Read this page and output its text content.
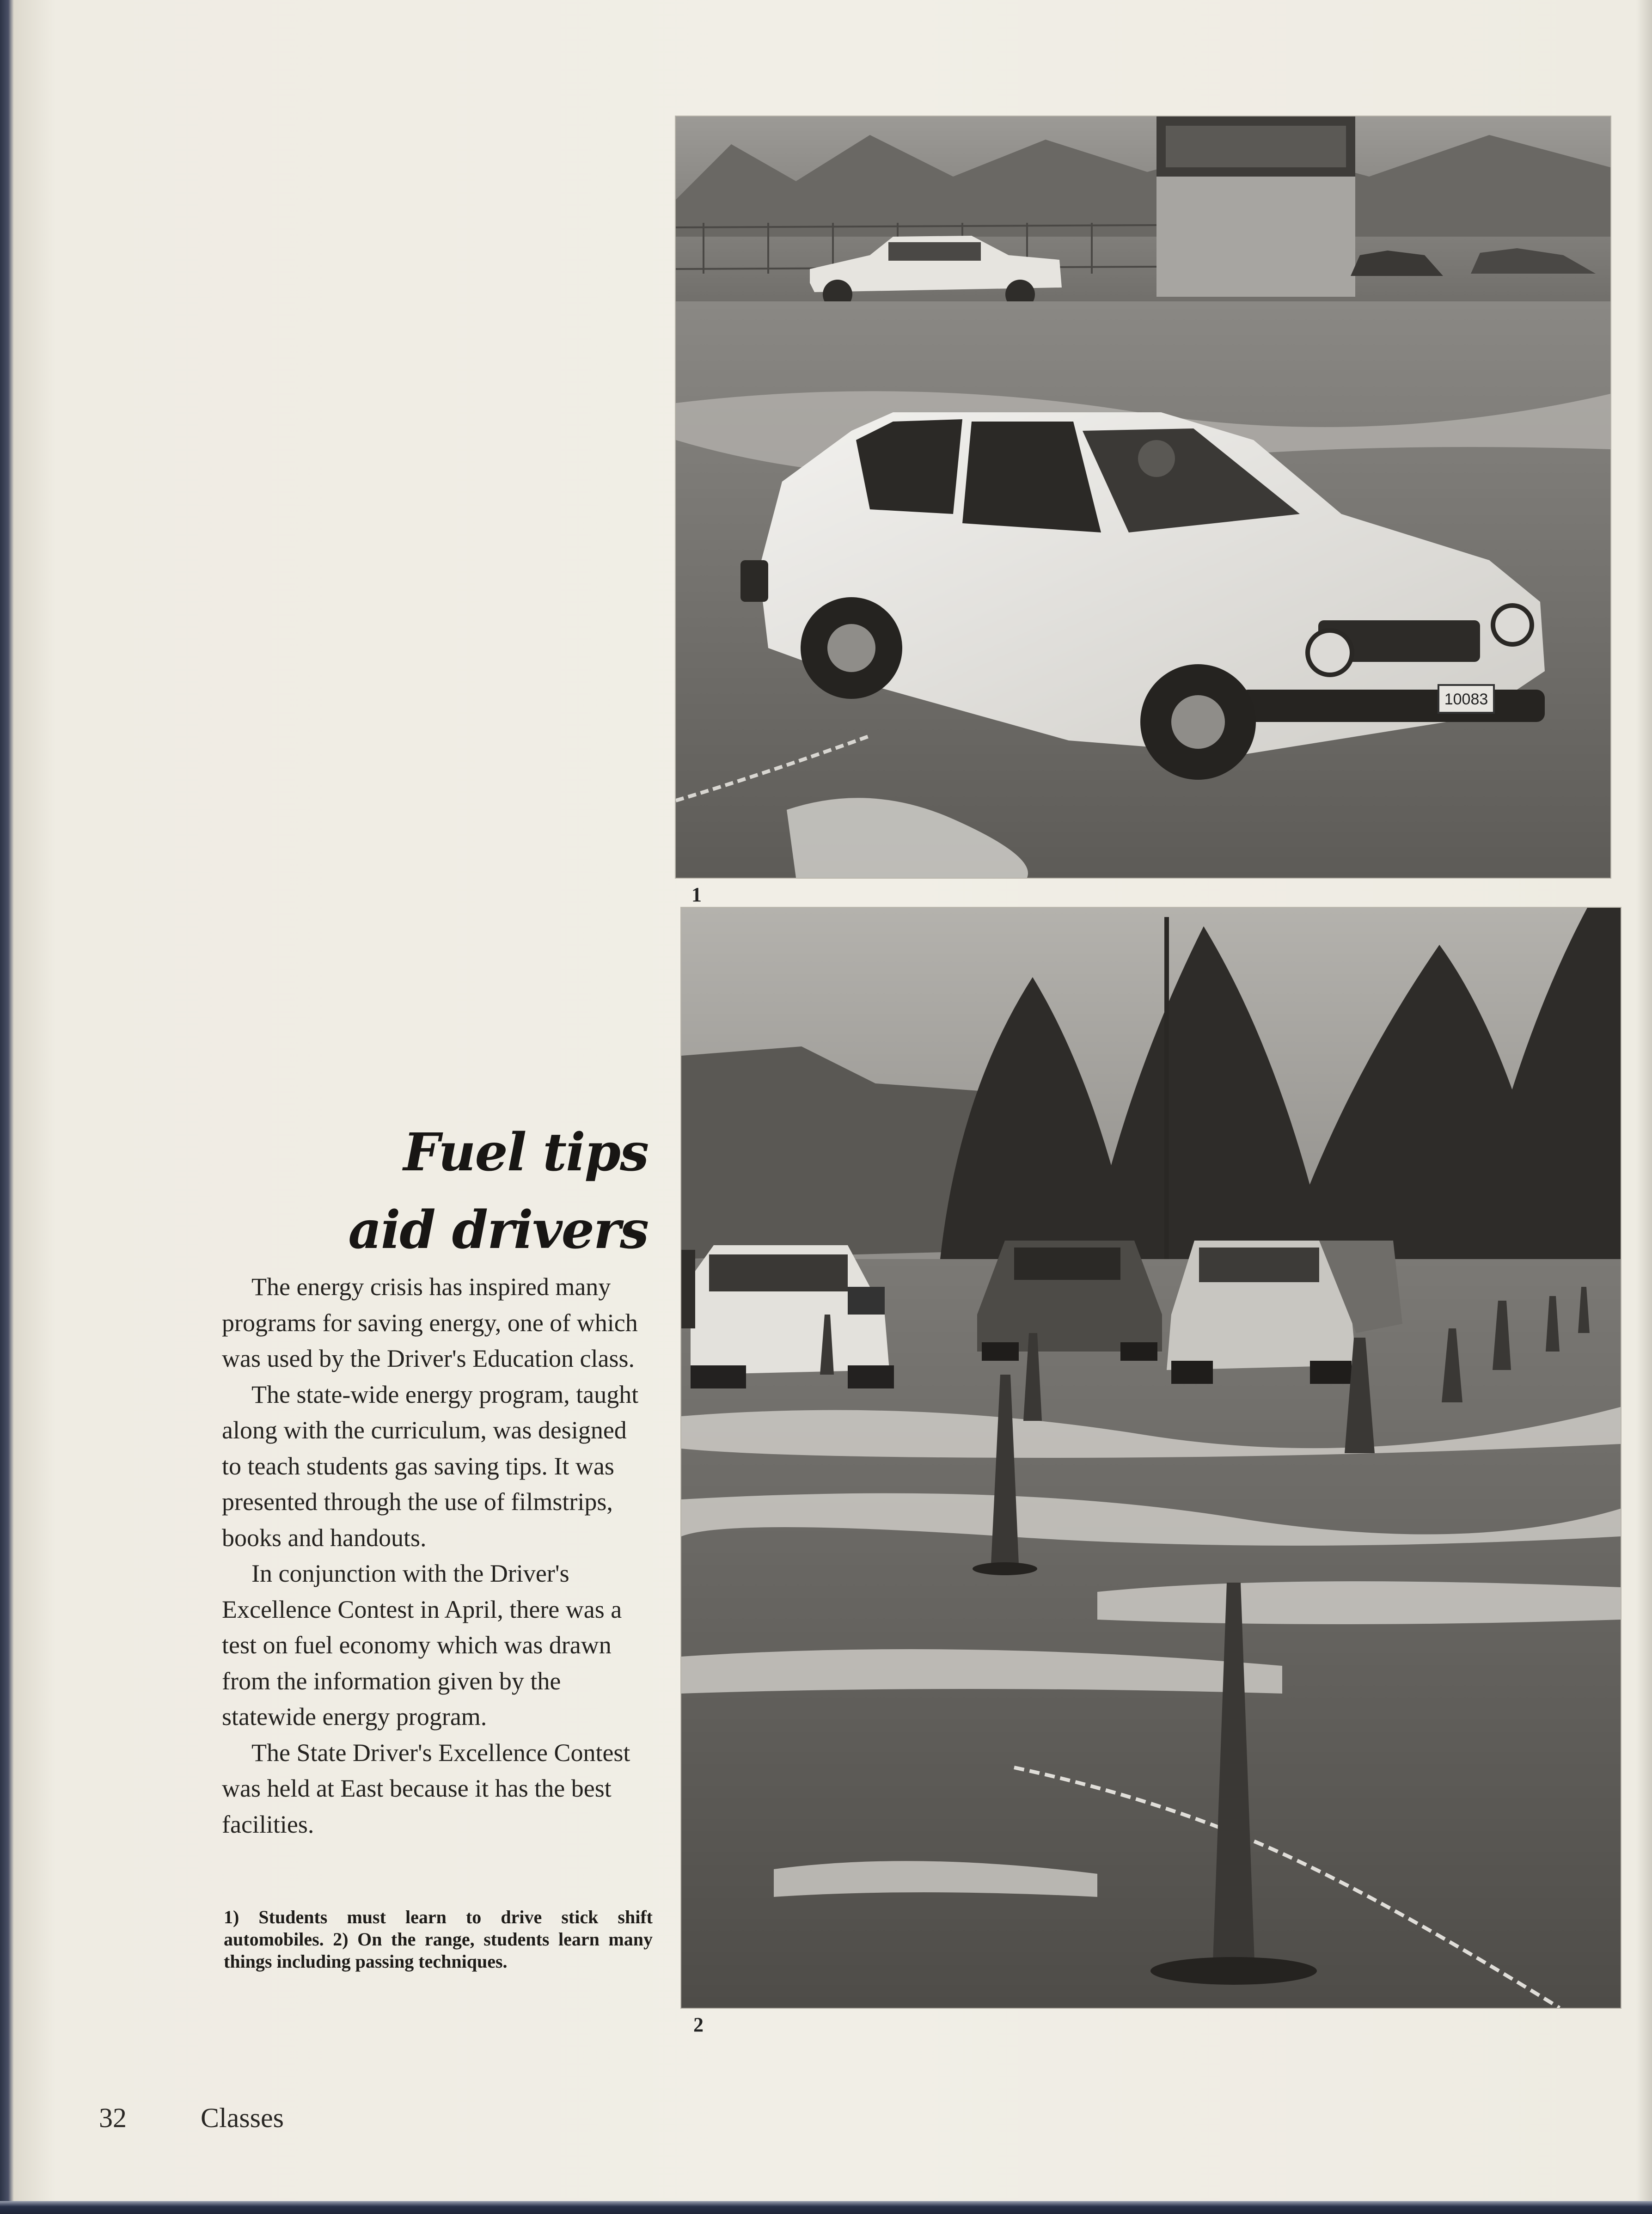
10083
1
2
Fuel tips
aid drivers

The energy crisis has inspired many programs for saving energy, one of which was used by the Driver's Education class.

The state-wide energy program, taught along with the curriculum, was designed to teach students gas saving tips. It was presented through the use of filmstrips, books and handouts.

In conjunction with the Driver's Excellence Contest in April, there was a test on fuel economy which was drawn from the information given by the statewide energy program.

The State Driver's Excellence Contest was held at East because it has the best facilities.

1) Students must learn to drive stick shift automobiles. 2) On the range, students learn many things including passing techniques.
32	Classes
